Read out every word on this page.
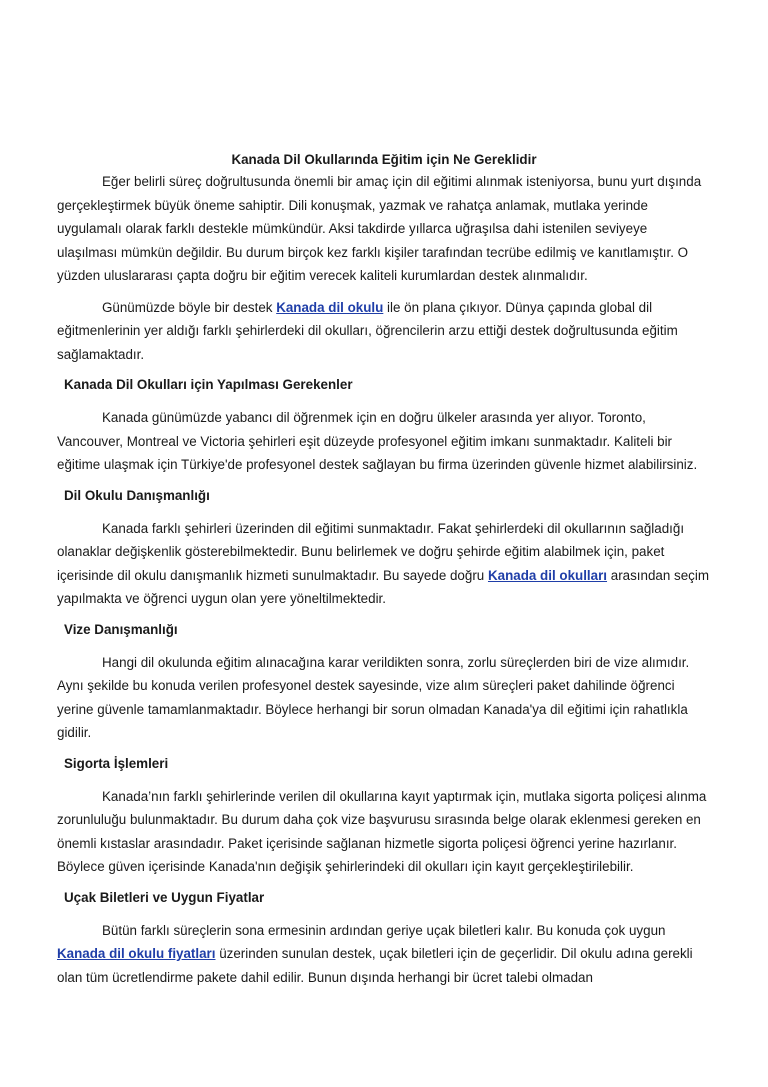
Kanada Dil Okullarında Eğitim için Ne Gereklidir

Eğer belirli süreç doğrultusunda önemli bir amaç için dil eğitimi alınmak isteniyorsa, bunu yurt dışında gerçekleştirmek büyük öneme sahiptir. Dili konuşmak, yazmak ve rahatça anlamak, mutlaka yerinde uygulamalı olarak farklı destekle mümkündür. Aksi takdirde yıllarca uğraşılsa dahi istenilen seviyeye ulaşılması mümkün değildir. Bu durum birçok kez farklı kişiler tarafından tecrübe edilmiş ve kanıtlamıştır. O yüzden uluslararası çapta doğru bir eğitim verecek kaliteli kurumlardan destek alınmalıdır.

Günümüzde böyle bir destek Kanada dil okulu ile ön plana çıkıyor. Dünya çapında global dil eğitmenlerinin yer aldığı farklı şehirlerdeki dil okulları, öğrencilerin arzu ettiği destek doğrultusunda eğitim sağlamaktadır.

Kanada Dil Okulları için Yapılması Gerekenler

Kanada günümüzde yabancı dil öğrenmek için en doğru ülkeler arasında yer alıyor. Toronto, Vancouver, Montreal ve Victoria şehirleri eşit düzeyde profesyonel eğitim imkanı sunmaktadır. Kaliteli bir eğitime ulaşmak için Türkiye'de profesyonel destek sağlayan bu firma üzerinden güvenle hizmet alabilirsiniz.

Dil Okulu Danışmanlığı

Kanada farklı şehirleri üzerinden dil eğitimi sunmaktadır. Fakat şehirlerdeki dil okullarının sağladığı olanaklar değişkenlik gösterebilmektedir. Bunu belirlemek ve doğru şehirde eğitim alabilmek için, paket içerisinde dil okulu danışmanlık hizmeti sunulmaktadır. Bu sayede doğru Kanada dil okulları arasından seçim yapılmakta ve öğrenci uygun olan yere yöneltilmektedir.

Vize Danışmanlığı

Hangi dil okulunda eğitim alınacağına karar verildikten sonra, zorlu süreçlerden biri de vize alımıdır. Aynı şekilde bu konuda verilen profesyonel destek sayesinde, vize alım süreçleri paket dahilinde öğrenci yerine güvenle tamamlanmaktadır. Böylece herhangi bir sorun olmadan Kanada'ya dil eğitimi için rahatlıkla gidilir.

Sigorta İşlemleri

Kanada’nın farklı şehirlerinde verilen dil okullarına kayıt yaptırmak için, mutlaka sigorta poliçesi alınma zorunluluğu bulunmaktadır. Bu durum daha çok vize başvurusu sırasında belge olarak eklenmesi gereken en önemli kıstaslar arasındadır. Paket içerisinde sağlanan hizmetle sigorta poliçesi öğrenci yerine hazırlanır. Böylece güven içerisinde Kanada'nın değişik şehirlerindeki dil okulları için kayıt gerçekleştirilebilir.

Uçak Biletleri ve Uygun Fiyatlar

Bütün farklı süreçlerin sona ermesinin ardından geriye uçak biletleri kalır. Bu konuda çok uygun Kanada dil okulu fiyatları üzerinden sunulan destek, uçak biletleri için de geçerlidir. Dil okulu adına gerekli olan tüm ücretlendirme pakete dahil edilir. Bunun dışında herhangi bir ücret talebi olmadan
